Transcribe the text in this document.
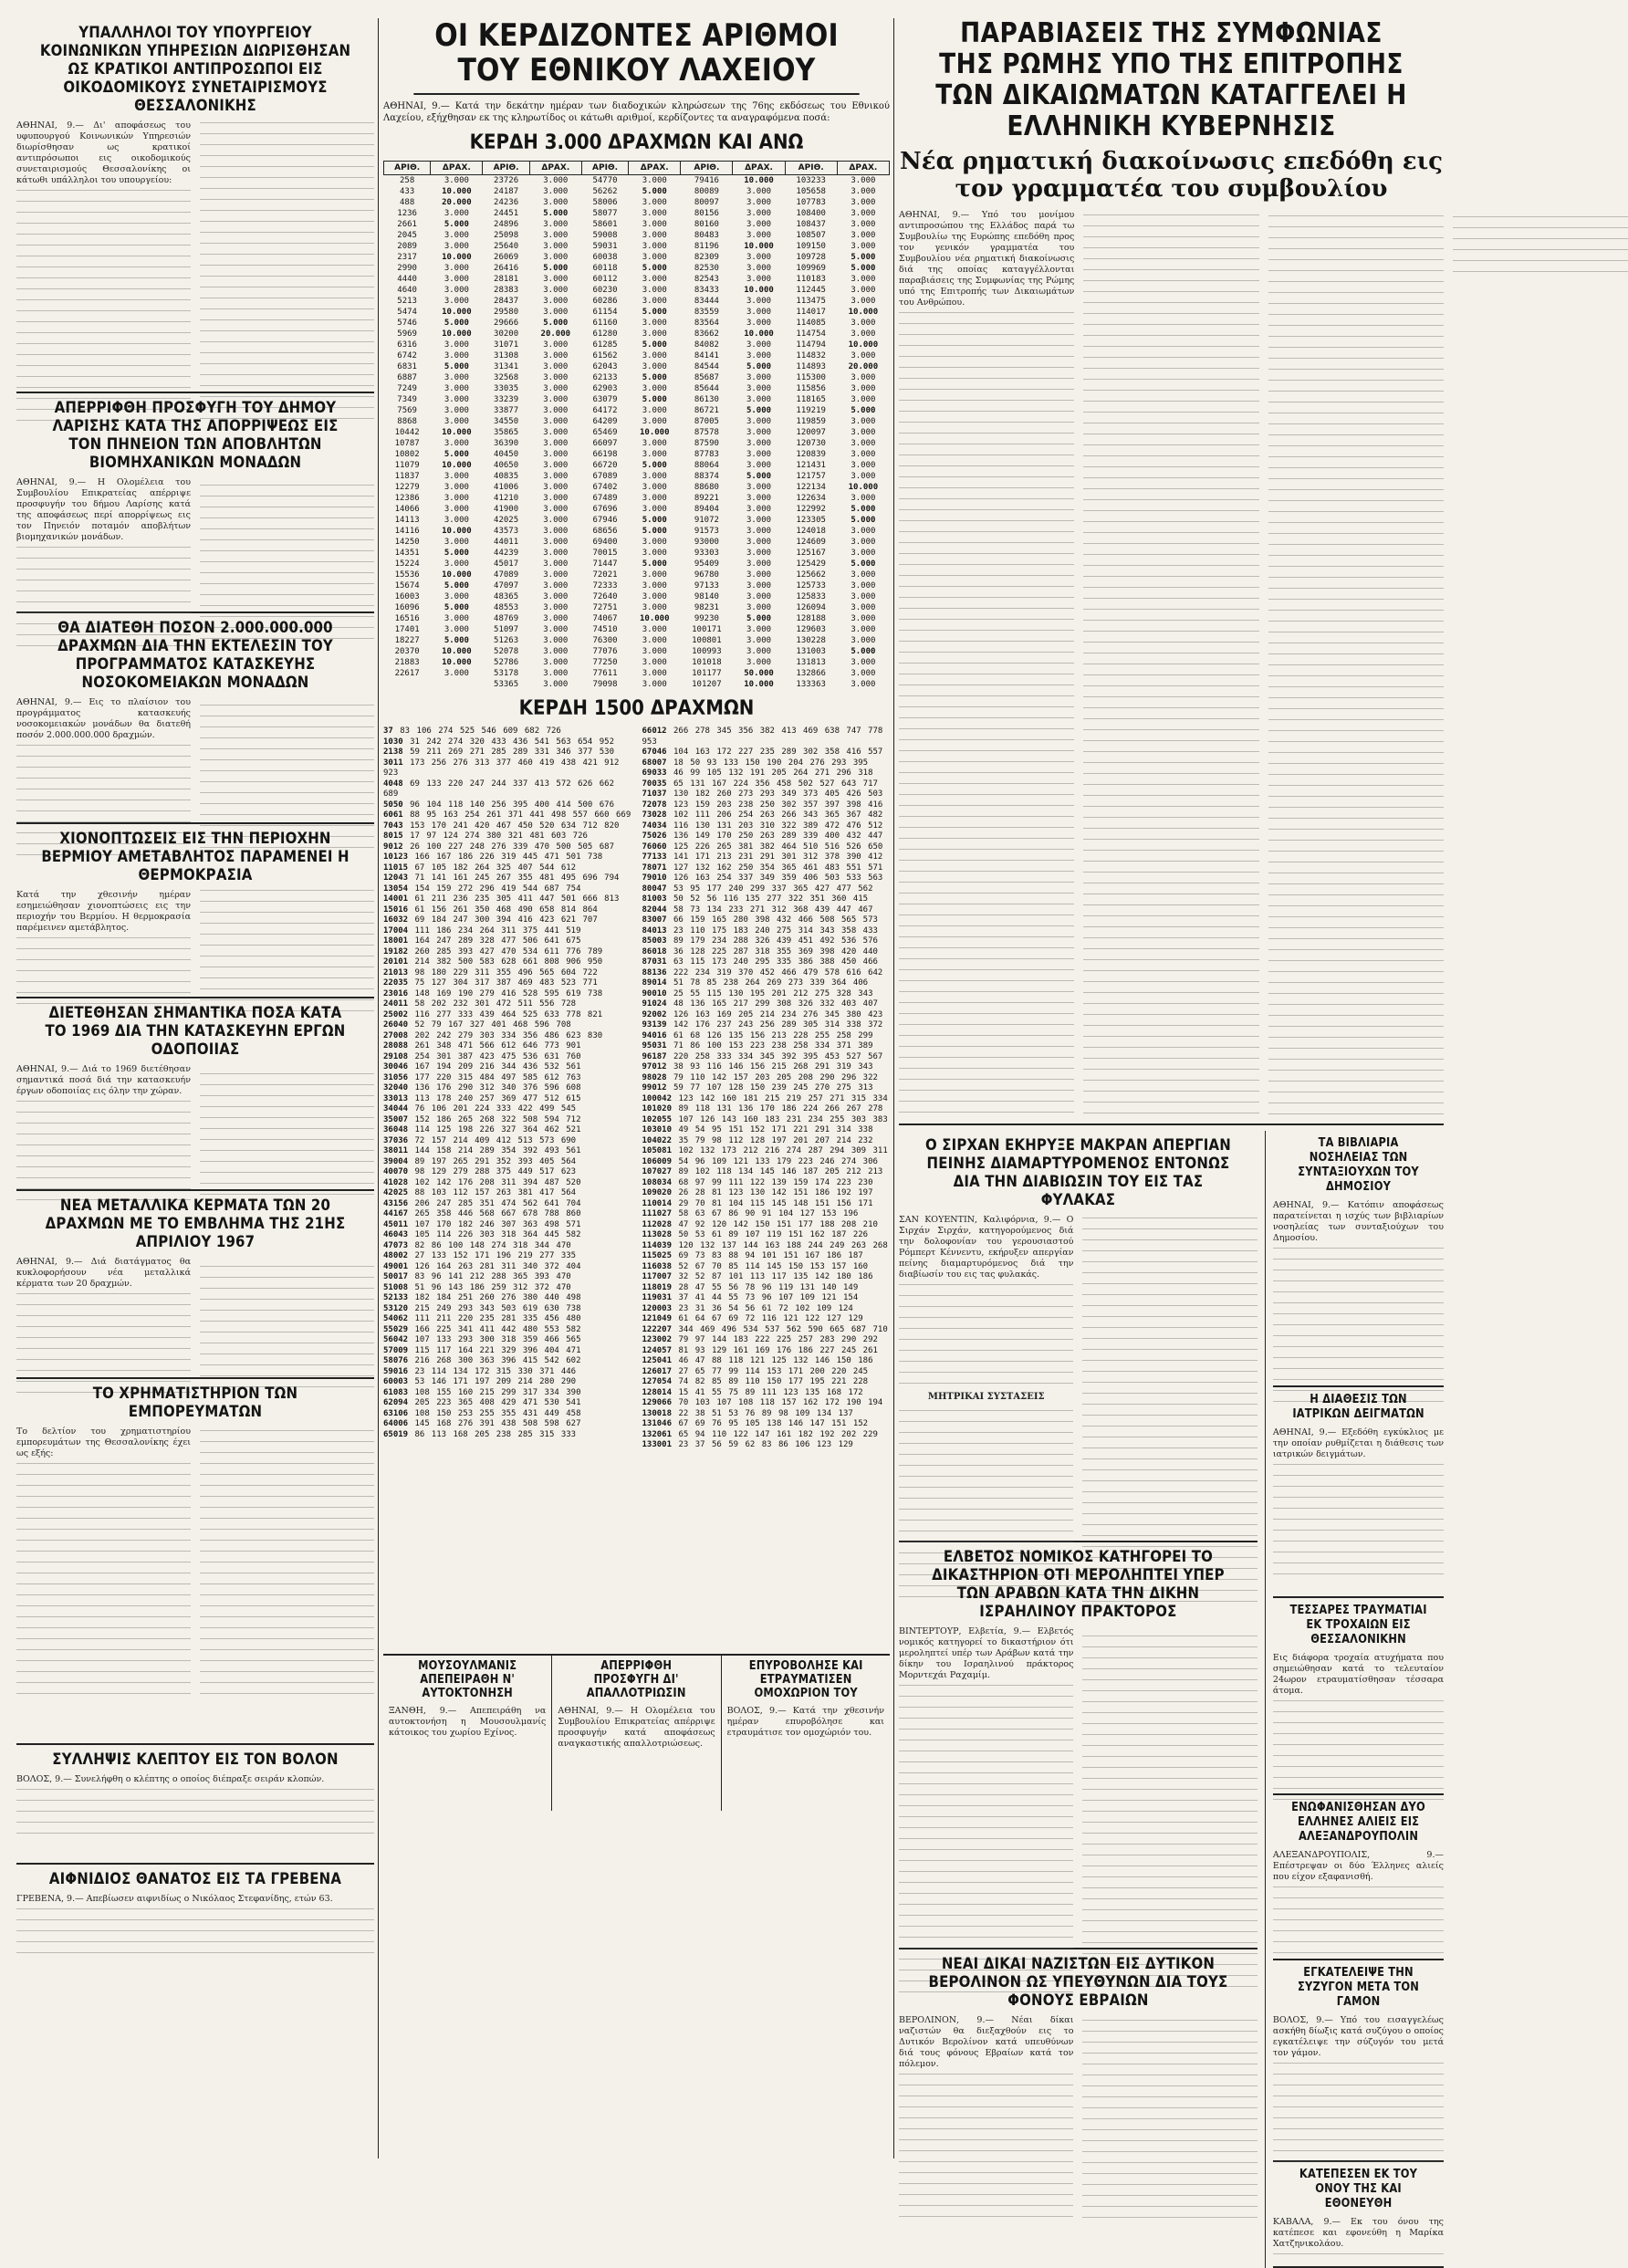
ΥΠΑΛΛΗΛΟΙ ΤΟΥ ΥΠΟΥΡΓΕΙΟΥ ΚΟΙΝΩΝΙΚΩΝ ΥΠΗΡΕΣΙΩΝ ΔΙΩΡΙΣΘΗΣΑΝ ΩΣ ΚΡΑΤΙΚΟΙ ΑΝΤΙΠΡΟΣΩΠΟΙ ΕΙΣ ΟΙΚΟΔΟΜΙΚΟΥΣ ΣΥΝΕΤΑΙΡΙΣΜΟΥΣ ΘΕΣΣΑΛΟΝΙΚΗΣ
ΑΘΗΝΑΙ, 9.— Δι' αποφάσεως του υφυπουργού Κοινωνικών Υπηρεσιών διωρίσθησαν ως κρατικοί αντιπρόσωποι εις οικοδομικούς συνεταιρισμούς Θεσσαλονίκης οι κάτωθι υπάλληλοι του υπουργείου:
ΑΠΕΡΡΙΦΘΗ ΠΡΟΣΦΥΓΗ ΤΟΥ ΔΗΜΟΥ ΛΑΡΙΣΗΣ ΚΑΤΑ ΤΗΣ ΑΠΟΡΡΙΨΕΩΣ ΕΙΣ ΤΟΝ ΠΗΝΕΙΟΝ ΤΩΝ ΑΠΟΒΛΗΤΩΝ ΒΙΟΜΗΧΑΝΙΚΩΝ ΜΟΝΑΔΩΝ
ΑΘΗΝΑΙ, 9.— Η Ολομέλεια του Συμβουλίου Επικρατείας απέρριψε προσφυγήν του δήμου Λαρίσης κατά της αποφάσεως περί απορρίψεως εις τον Πηνειόν ποταμόν αποβλήτων βιομηχανικών μονάδων.
ΘΑ ΔΙΑΤΕΘΗ ΠΟΣΟΝ 2.000.000.000 ΔΡΑΧΜΩΝ ΔΙΑ ΤΗΝ ΕΚΤΕΛΕΣΙΝ ΤΟΥ ΠΡΟΓΡΑΜΜΑΤΟΣ ΚΑΤΑΣΚΕΥΗΣ ΝΟΣΟΚΟΜΕΙΑΚΩΝ ΜΟΝΑΔΩΝ
ΑΘΗΝΑΙ, 9.— Εις το πλαίσιον του προγράμματος κατασκευής νοσοκομειακών μονάδων θα διατεθή ποσόν 2.000.000.000 δραχμών.
ΧΙΟΝΟΠΤΩΣΕΙΣ ΕΙΣ ΤΗΝ ΠΕΡΙΟΧΗΝ ΒΕΡΜΙΟΥ ΑΜΕΤΑΒΛΗΤΟΣ ΠΑΡΑΜΕΝΕΙ Η ΘΕΡΜΟΚΡΑΣΙΑ
Κατά την χθεσινήν ημέραν εσημειώθησαν χιονοπτώσεις εις την περιοχήν του Βερμίου. Η θερμοκρασία παρέμεινεν αμετάβλητος.
ΔΙΕΤΕΘΗΣΑΝ ΣΗΜΑΝΤΙΚΑ ΠΟΣΑ ΚΑΤΑ ΤΟ 1969 ΔΙΑ ΤΗΝ ΚΑΤΑΣΚΕΥΗΝ ΕΡΓΩΝ ΟΔΟΠΟΙΙΑΣ
ΑΘΗΝΑΙ, 9.— Διά το 1969 διετέθησαν σημαντικά ποσά διά την κατασκευήν έργων οδοποιίας εις όλην την χώραν.
ΝΕΑ ΜΕΤΑΛΛΙΚΑ ΚΕΡΜΑΤΑ ΤΩΝ 20 ΔΡΑΧΜΩΝ ΜΕ ΤΟ ΕΜΒΛΗΜΑ ΤΗΣ 21ΗΣ ΑΠΡΙΛΙΟΥ 1967
ΑΘΗΝΑΙ, 9.— Διά διατάγματος θα κυκλοφορήσουν νέα μεταλλικά κέρματα των 20 δραχμών.
ΤΟ ΧΡΗΜΑΤΙΣΤΗΡΙΟΝ ΤΩΝ ΕΜΠΟΡΕΥΜΑΤΩΝ
Το δελτίον του χρηματιστηρίου εμπορευμάτων της Θεσσαλονίκης έχει ως εξής:
ΣΥΛΛΗΨΙΣ ΚΛΕΠΤΟΥ ΕΙΣ ΤΟΝ ΒΟΛΟΝ
ΒΟΛΟΣ, 9.— Συνελήφθη ο κλέπτης ο οποίος διέπραξε σειράν κλοπών.
ΑΙΦΝΙΔΙΟΣ ΘΑΝΑΤΟΣ ΕΙΣ ΤΑ ΓΡΕΒΕΝΑ
ΓΡΕΒΕΝΑ, 9.— Απεβίωσεν αιφνιδίως ο Νικόλαος Στεφανίδης, ετών 63.
ΟΙ ΚΕΡΔΙΖΟΝΤΕΣ ΑΡΙΘΜΟΙ ΤΟΥ ΕΘΝΙΚΟΥ ΛΑΧΕΙΟΥ

ΑΘΗΝΑΙ, 9.— Κατά την δεκάτην ημέραν των διαδοχικών κληρώσεων της 76ης εκδόσεως του Εθνικού Λαχείου, εξήχθησαν εκ της κληρωτίδος οι κάτωθι αριθμοί, κερδίζοντες τα αναγραφόμενα ποσά:

ΚΕΡΔΗ 3.000 ΔΡΑΧΜΩΝ ΚΑΙ ΑΝΩ
ΑΡΙΘ.	ΔΡΑΧ.	ΑΡΙΘ.	ΔΡΑΧ.	ΑΡΙΘ.	ΔΡΑΧ.	ΑΡΙΘ.	ΔΡΑΧ.	ΑΡΙΘ.	ΔΡΑΧ.
258	3.000	23726	3.000	54770	3.000	79416	10.000	103233	3.000
433	10.000	24187	3.000	56262	5.000	80089	3.000	105658	3.000
488	20.000	24236	3.000	58006	3.000	80097	3.000	107783	3.000
1236	3.000	24451	5.000	58077	3.000	80156	3.000	108400	3.000
2661	5.000	24896	3.000	58601	3.000	80160	3.000	108437	3.000
2045	3.000	25098	3.000	59008	3.000	80483	3.000	108507	3.000
2089	3.000	25640	3.000	59031	3.000	81196	10.000	109150	3.000
2317	10.000	26069	3.000	60038	3.000	82309	3.000	109728	5.000
2990	3.000	26416	5.000	60118	5.000	82530	3.000	109969	5.000
4440	3.000	28181	3.000	60112	3.000	82543	3.000	110183	3.000
4640	3.000	28383	3.000	60230	3.000	83433	10.000	112445	3.000
5213	3.000	28437	3.000	60286	3.000	83444	3.000	113475	3.000
5474	10.000	29580	3.000	61154	5.000	83559	3.000	114017	10.000
5746	5.000	29666	5.000	61160	3.000	83564	3.000	114085	3.000
5969	10.000	30200	20.000	61280	3.000	83662	10.000	114754	3.000
6316	3.000	31071	3.000	61285	5.000	84082	3.000	114794	10.000
6742	3.000	31308	3.000	61562	3.000	84141	3.000	114832	3.000
6831	5.000	31341	3.000	62043	3.000	84544	5.000	114893	20.000
6887	3.000	32568	3.000	62133	5.000	85687	3.000	115300	3.000
7249	3.000	33035	3.000	62903	3.000	85644	3.000	115856	3.000
7349	3.000	33239	3.000	63079	5.000	86130	3.000	118165	3.000
7569	3.000	33877	3.000	64172	3.000	86721	5.000	119219	5.000
8868	3.000	34550	3.000	64209	3.000	87005	3.000	119859	3.000
10442	10.000	35865	3.000	65469	10.000	87578	3.000	120097	3.000
10787	3.000	36390	3.000	66097	3.000	87590	3.000	120730	3.000
10802	5.000	40450	3.000	66198	3.000	87783	3.000	120839	3.000
11079	10.000	40650	3.000	66720	5.000	88064	3.000	121431	3.000
11837	3.000	40835	3.000	67089	3.000	88374	5.000	121757	3.000
12279	3.000	41006	3.000	67402	3.000	88680	3.000	122134	10.000
12386	3.000	41210	3.000	67489	3.000	89221	3.000	122634	3.000
14066	3.000	41900	3.000	67696	3.000	89404	3.000	122992	5.000
14113	3.000	42025	3.000	67946	5.000	91072	3.000	123305	5.000
14116	10.000	43573	3.000	68656	5.000	91573	3.000	124018	3.000
14250	3.000	44011	3.000	69400	3.000	93000	3.000	124609	3.000
14351	5.000	44239	3.000	70015	3.000	93303	3.000	125167	3.000
15224	3.000	45017	3.000	71447	5.000	95409	3.000	125429	5.000
15536	10.000	47089	3.000	72021	3.000	96780	3.000	125662	3.000
15674	5.000	47097	3.000	72333	3.000	97133	3.000	125733	3.000
16003	3.000	48365	3.000	72640	3.000	98140	3.000	125833	3.000
16096	5.000	48553	3.000	72751	3.000	98231	3.000	126094	3.000
16516	3.000	48769	3.000	74067	10.000	99230	5.000	128188	3.000
17401	3.000	51097	3.000	74510	3.000	100171	3.000	129603	3.000
18227	5.000	51263	3.000	76300	3.000	100801	3.000	130228	3.000
20370	10.000	52078	3.000	77076	3.000	100993	3.000	131003	5.000
21883	10.000	52786	3.000	77250	3.000	101018	3.000	131813	3.000
22617	3.000	53178	3.000	77611	3.000	101177	50.000	132866	3.000
		53365	3.000	79098	3.000	101207	10.000	133363	3.000
ΚΕΡΔΗ 1500 ΔΡΑΧΜΩΝ
37 83 106 274 525 546 609 682 726
1030 31 242 274 320 433 436 541 563 654 952
2138 59 211 269 271 285 289 331 346 377 530
3011 173 256 276 313 377 460 419 438 421 912 923
4048 69 133 220 247 244 337 413 572 626 662 689
5050 96 104 118 140 256 395 400 414 500 676
6061 88 95 163 254 261 371 441 498 557 660 669
7043 153 170 241 420 467 450 520 634 712 820
8015 17 97 124 274 380 321 481 603 726
9012 26 100 227 248 276 339 470 500 505 687
10123 166 167 186 226 319 445 471 501 738
11015 67 105 182 264 325 407 544 612
12043 71 141 161 245 267 355 481 495 696 794
13054 154 159 272 296 419 544 687 754
14001 61 211 236 235 305 411 447 501 666 813
15016 61 156 261 350 468 490 658 814 864
16032 69 184 247 300 394 416 423 621 707
17004 111 186 234 264 311 375 441 519
18001 164 247 289 328 477 506 641 675
19182 260 285 393 427 470 534 611 776 789
20101 214 382 500 583 628 661 808 906 950
21013 98 180 229 311 355 496 565 604 722
22035 75 127 304 317 387 469 483 523 771
23016 148 169 190 279 416 528 595 619 738
24011 58 202 232 301 472 511 556 728
25002 116 277 333 439 464 525 633 778 821
26040 52 79 167 327 401 468 596 708
27008 202 242 279 303 334 356 486 623 830
28088 261 348 471 566 612 646 773 901
29108 254 301 387 423 475 536 631 760
30046 167 194 209 216 344 436 532 561
31056 177 220 315 484 497 585 612 763
32040 136 176 290 312 340 376 596 608
33013 113 178 240 257 369 477 512 615
34044 76 106 201 224 333 422 499 545
35007 152 186 265 268 322 508 594 712
36048 114 125 198 226 327 364 462 521
37036 72 157 214 409 412 513 573 690
38011 144 158 214 289 354 392 493 561
39004 89 197 265 291 352 393 405 564
40070 98 129 279 288 375 449 517 623
41028 102 142 176 208 311 394 487 520
42025 88 103 112 157 263 381 417 564
43156 206 247 285 351 474 562 641 704
44167 265 358 446 568 667 678 788 860
45011 107 170 182 246 307 363 498 571
46043 105 114 226 303 318 364 445 582
47073 82 86 100 148 274 318 344 470
48002 27 133 152 171 196 219 277 335
49001 126 164 263 281 311 340 372 404
50017 83 96 141 212 288 365 393 470
51008 51 96 143 186 259 312 372 470
52133 182 184 251 260 276 380 440 498
53120 215 249 293 343 503 619 630 738
54062 111 211 220 235 281 335 456 480
55029 166 225 341 411 442 480 553 582
56042 107 133 293 300 318 359 466 565
57009 115 117 164 221 329 396 404 471
58076 216 268 300 363 396 415 542 602
59016 23 114 134 172 315 330 371 446
60003 53 146 171 197 209 214 280 290
61083 108 155 160 215 299 317 334 390
62094 205 223 365 408 429 471 530 541
63106 108 150 253 255 355 431 449 458
64006 145 168 276 391 438 508 598 627
65019 86 113 168 205 238 285 315 333
66012 266 278 345 356 382 413 469 638 747 778 953
67046 104 163 172 227 235 289 302 358 416 557
68007 18 50 93 133 150 190 204 276 293 395
69033 46 99 105 132 191 205 264 271 296 318
70035 65 131 167 224 356 458 502 527 643 717
71037 130 182 260 273 293 349 373 405 426 503
72078 123 159 203 238 250 302 357 397 398 416
73028 102 111 206 254 263 266 343 365 367 482
74034 116 130 131 203 310 322 389 472 476 512
75026 136 149 170 250 263 289 339 400 432 447
76060 125 226 265 381 382 464 510 516 526 650
77133 141 171 213 231 291 301 312 378 390 412
78071 127 132 162 250 354 365 461 483 551 571
79010 126 163 254 337 349 359 406 503 533 563
80047 53 95 177 240 299 337 365 427 477 562
81003 50 52 56 116 135 277 322 351 360 415
82044 58 73 134 233 271 312 368 439 447 467
83007 66 159 165 280 398 432 466 508 565 573
84013 23 110 175 183 240 275 314 343 358 433
85003 89 179 234 288 326 439 451 492 536 576
86018 36 128 225 287 318 355 369 398 420 440
87031 63 115 173 240 295 335 386 388 450 466
88136 222 234 319 370 452 466 479 578 616 642
89014 51 78 85 238 264 269 273 339 364 406
90010 25 55 115 130 195 201 212 275 328 343
91024 48 136 165 217 299 308 326 332 403 407
92002 126 163 169 205 214 234 276 345 380 423
93139 142 176 237 243 256 289 305 314 338 372
94016 61 68 126 135 156 213 228 255 258 299
95031 71 86 100 153 223 238 258 334 371 389
96187 220 258 333 334 345 392 395 453 527 567
97012 38 93 116 146 156 215 268 291 319 343
98028 79 110 142 157 203 205 208 290 296 322
99012 59 77 107 128 150 239 245 270 275 313
100042 123 142 160 181 215 219 257 271 315 334
101020 89 118 131 136 170 186 224 266 267 278
102055 107 126 143 160 183 231 234 255 303 383
103010 49 54 95 151 152 171 221 291 314 338
104022 35 79 98 112 128 197 201 207 214 232
105081 102 132 173 212 216 274 287 294 309 311
106009 54 96 109 121 133 179 223 246 274 306
107027 89 102 118 134 145 146 187 205 212 213
108034 68 97 99 111 122 139 159 174 223 230
109020 26 28 81 123 130 142 151 186 192 197
110014 29 70 81 104 115 145 148 151 156 171
111027 58 63 67 86 90 91 104 127 153 196
112028 47 92 120 142 150 151 177 188 208 210
113028 50 53 61 89 107 119 151 162 187 226
114039 120 132 137 144 163 188 244 249 263 268
115025 69 73 83 88 94 101 151 167 186 187
116038 52 67 70 85 114 145 150 153 157 160
117007 32 52 87 101 113 117 135 142 180 186
118019 28 47 55 56 78 96 119 131 140 149
119031 37 41 44 55 73 96 107 109 121 154
120003 23 31 36 54 56 61 72 102 109 124
121049 61 64 67 69 72 116 121 122 127 129
122207 344 469 496 534 537 562 590 665 687 710
123002 79 97 144 183 222 225 257 283 290 292
124057 81 93 129 161 169 176 186 227 245 261
125041 46 47 88 118 121 125 132 146 150 186
126017 27 65 77 99 114 153 171 200 220 245
127054 74 82 85 89 110 150 177 195 221 228
128014 15 41 55 75 89 111 123 135 168 172
129066 70 103 107 108 118 157 162 172 190 194
130018 22 38 51 53 76 89 98 109 134 137
131046 67 69 76 95 105 138 146 147 151 152
132061 65 94 110 122 147 161 182 192 202 229
133001 23 37 56 59 62 83 86 106 123 129
ΜΟΥΣΟΥΛΜΑΝΙΣ ΑΠΕΠΕΙΡΑΘΗ Ν' ΑΥΤΟΚΤΟΝΗΣΗ
ΞΑΝΘΗ, 9.— Απεπειράθη να αυτοκτονήση η Μουσουλμανίς κάτοικος του χωρίου Εχίνος.
ΑΠΕΡΡΙΦΘΗ ΠΡΟΣΦΥΓΗ ΔΙ' ΑΠΑΛΛΟΤΡΙΩΣΙΝ
ΑΘΗΝΑΙ, 9.— Η Ολομέλεια του Συμβουλίου Επικρατείας απέρριψε προσφυγήν κατά αποφάσεως αναγκαστικής απαλλοτριώσεως.
ΕΠΥΡΟΒΟΛΗΣΕ ΚΑΙ ΕΤΡΑΥΜΑΤΙΣΕΝ ΟΜΟΧΩΡΙΟΝ ΤΟΥ
ΒΟΛΟΣ, 9.— Κατά την χθεσινήν ημέραν επυροβόλησε και ετραυμάτισε τον ομοχώριόν του.
ΠΑΡΑΒΙΑΣΕΙΣ ΤΗΣ ΣΥΜΦΩΝΙΑΣ ΤΗΣ ΡΩΜΗΣ ΥΠΟ ΤΗΣ ΕΠΙΤΡΟΠΗΣ ΤΩΝ ΔΙΚΑΙΩΜΑΤΩΝ ΚΑΤΑΓΓΕΛΕΙ Η ΕΛΛΗΝΙΚΗ ΚΥΒΕΡΝΗΣΙΣ
Νέα ρηματική διακοίνωσις επεδόθη εις τον γραμματέα του συμβουλίου
ΑΘΗΝΑΙ, 9.— Υπό του μονίμου αντιπροσώπου της Ελλάδος παρά τω Συμβουλίω της Ευρώπης επεδόθη προς τον γενικόν γραμματέα του Συμβουλίου νέα ρηματική διακοίνωσις διά της οποίας καταγγέλλονται παραβιάσεις της Συμφωνίας της Ρώμης υπό της Επιτροπής των Δικαιωμάτων του Ανθρώπου.
Ο ΣΙΡΧΑΝ ΕΚΗΡΥΞΕ ΜΑΚΡΑΝ ΑΠΕΡΓΙΑΝ ΠΕΙΝΗΣ ΔΙΑΜΑΡΤΥΡΟΜΕΝΟΣ ΕΝΤΟΝΩΣ ΔΙΑ ΤΗΝ ΔΙΑΒΙΩΣΙΝ ΤΟΥ ΕΙΣ ΤΑΣ ΦΥΛΑΚΑΣ
ΣΑΝ ΚΟΥΕΝΤΙΝ, Καλιφόρνια, 9.— Ο Σιρχάν Σιρχάν, κατηγορούμενος διά την δολοφονίαν του γερουσιαστού Ρόμπερτ Κέννεντυ, εκήρυξεν απεργίαν πείνης διαμαρτυρόμενος διά την διαβίωσίν του εις τας φυλακάς.
ΜΗΤΡΙΚΑΙ ΣΥΣΤΑΣΕΙΣ
ΕΛΒΕΤΟΣ ΝΟΜΙΚΟΣ ΚΑΤΗΓΟΡΕΙ ΤΟ ΔΙΚΑΣΤΗΡΙΟΝ ΟΤΙ ΜΕΡΟΛΗΠΤΕΙ ΥΠΕΡ ΤΩΝ ΑΡΑΒΩΝ ΚΑΤΑ ΤΗΝ ΔΙΚΗΝ ΙΣΡΑΗΛΙΝΟΥ ΠΡΑΚΤΟΡΟΣ
ΒΙΝΤΕΡΤΟΥΡ, Ελβετία, 9.— Ελβετός νομικός κατηγορεί το δικαστήριον ότι μεροληπτεί υπέρ των Αράβων κατά την δίκην του Ισραηλινού πράκτορος Μορντεχάι Ραχαμίμ.
ΝΕΑΙ ΔΙΚΑΙ ΝΑΖΙΣΤΩΝ ΕΙΣ ΔΥΤΙΚΟΝ ΒΕΡΟΛΙΝΟΝ ΩΣ ΥΠΕΥΘΥΝΩΝ ΔΙΑ ΤΟΥΣ ΦΟΝΟΥΣ ΕΒΡΑΙΩΝ
ΒΕΡΟΛΙΝΟΝ, 9.— Νέαι δίκαι ναζιστών θα διεξαχθούν εις το Δυτικόν Βερολίνον κατά υπευθύνων διά τους φόνους Εβραίων κατά τον πόλεμον.
ΤΑ ΒΙΒΛΙΑΡΙΑ ΝΟΣΗΛΕΙΑΣ ΤΩΝ ΣΥΝΤΑΞΙΟΥΧΩΝ ΤΟΥ ΔΗΜΟΣΙΟΥ
ΑΘΗΝΑΙ, 9.— Κατόπιν αποφάσεως παρατείνεται η ισχύς των βιβλιαρίων νοσηλείας των συνταξιούχων του Δημοσίου.
Η ΔΙΑΘΕΣΙΣ ΤΩΝ ΙΑΤΡΙΚΩΝ ΔΕΙΓΜΑΤΩΝ
ΑΘΗΝΑΙ, 9.— Εξεδόθη εγκύκλιος με την οποίαν ρυθμίζεται η διάθεσις των ιατρικών δειγμάτων.
ΤΕΣΣΑΡΕΣ ΤΡΑΥΜΑΤΙΑΙ ΕΚ ΤΡΟΧΑΙΩΝ ΕΙΣ ΘΕΣΣΑΛΟΝΙΚΗΝ
Εις διάφορα τροχαία ατυχήματα που σημειώθησαν κατά το τελευταίον 24ωρον ετραυματίσθησαν τέσσαρα άτομα.
ΕΝΩΦΑΝΙΣΘΗΣΑΝ ΔΥΟ ΕΛΛΗΝΕΣ ΑΛΙΕΙΣ ΕΙΣ ΑΛΕΞΑΝΔΡΟΥΠΟΛΙΝ
ΑΛΕΞΑΝΔΡΟΥΠΟΛΙΣ, 9.— Επέστρεψαν οι δύο Έλληνες αλιείς που είχον εξαφανισθή.
ΕΓΚΑΤΕΛΕΙΨΕ ΤΗΝ ΣΥΖΥΓΟΝ ΜΕΤΑ ΤΟΝ ΓΑΜΟΝ
ΒΟΛΟΣ, 9.— Υπό του εισαγγελέως ασκήθη δίωξις κατά συζύγου ο οποίος εγκατέλειψε την σύζυγόν του μετά τον γάμον.
ΚΑΤΕΠΕΣΕΝ ΕΚ ΤΟΥ ΟΝΟΥ ΤΗΣ ΚΑΙ ΕΘΟΝΕΥΘΗ
ΚΑΒΑΛΑ, 9.— Εκ του όνου της κατέπεσε και εφονεύθη η Μαρίκα Χατζηνικολάου.
